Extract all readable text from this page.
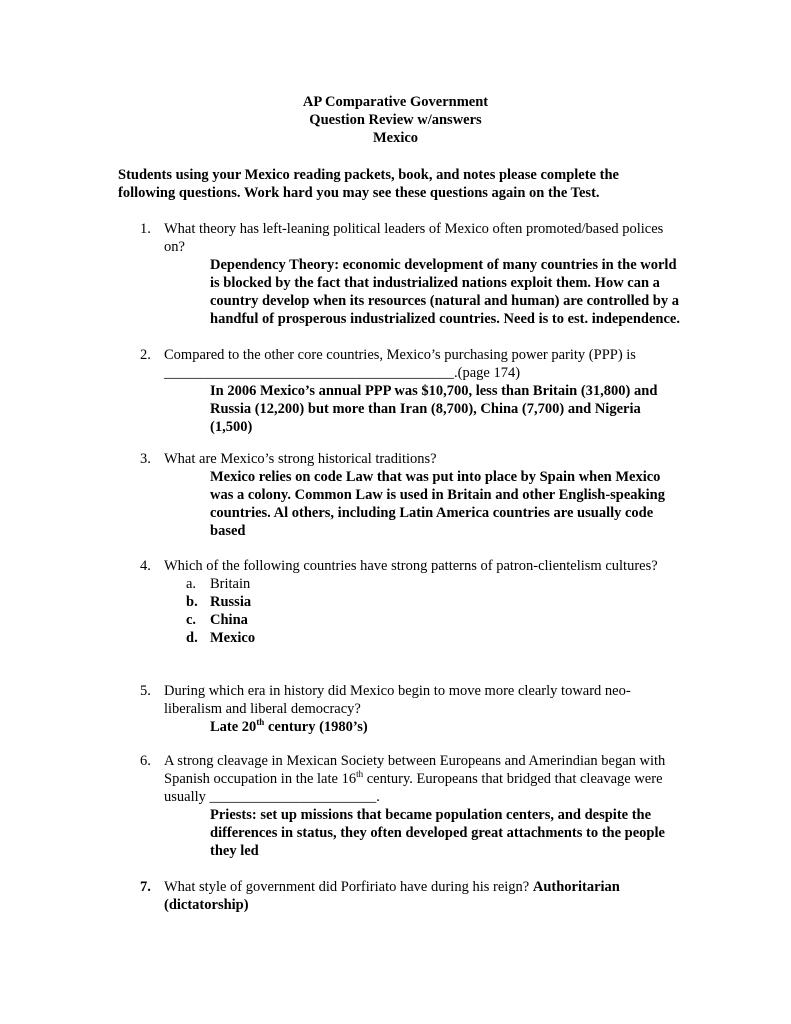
AP Comparative Government
Question Review w/answers
Mexico
Students using your Mexico reading packets, book, and notes please complete the following questions. Work hard you may see these questions again on the Test.
1. What theory has left-leaning political leaders of Mexico often promoted/based polices on?
Dependency Theory: economic development of many countries in the world is blocked by the fact that industrialized nations exploit them. How can a country develop when its resources (natural and human) are controlled by a handful of prosperous industrialized countries. Need is to est. independence.
2. Compared to the other core countries, Mexico’s purchasing power parity (PPP) is ________________________________________.(page 174)
In 2006 Mexico’s annual PPP was $10,700, less than Britain (31,800) and Russia (12,200) but more than Iran (8,700), China (7,700) and Nigeria (1,500)
3. What are Mexico’s strong historical traditions?
Mexico relies on code Law that was put into place by Spain when Mexico was a colony. Common Law is used in Britain and other English-speaking countries. Al others, including Latin America countries are usually code based
4. Which of the following countries have strong patterns of patron-clientelism cultures?
a. Britain
b. Russia
c. China
d. Mexico
5. During which era in history did Mexico begin to move more clearly toward neo-liberalism and liberal democracy?
Late 20th century (1980’s)
6. A strong cleavage in Mexican Society between Europeans and Amerindian began with Spanish occupation in the late 16th century. Europeans that bridged that cleavage were usually _______________________.
Priests: set up missions that became population centers, and despite the differences in status, they often developed great attachments to the people they led
7. What style of government did Porfiriato have during his reign? Authoritarian (dictatorship)
